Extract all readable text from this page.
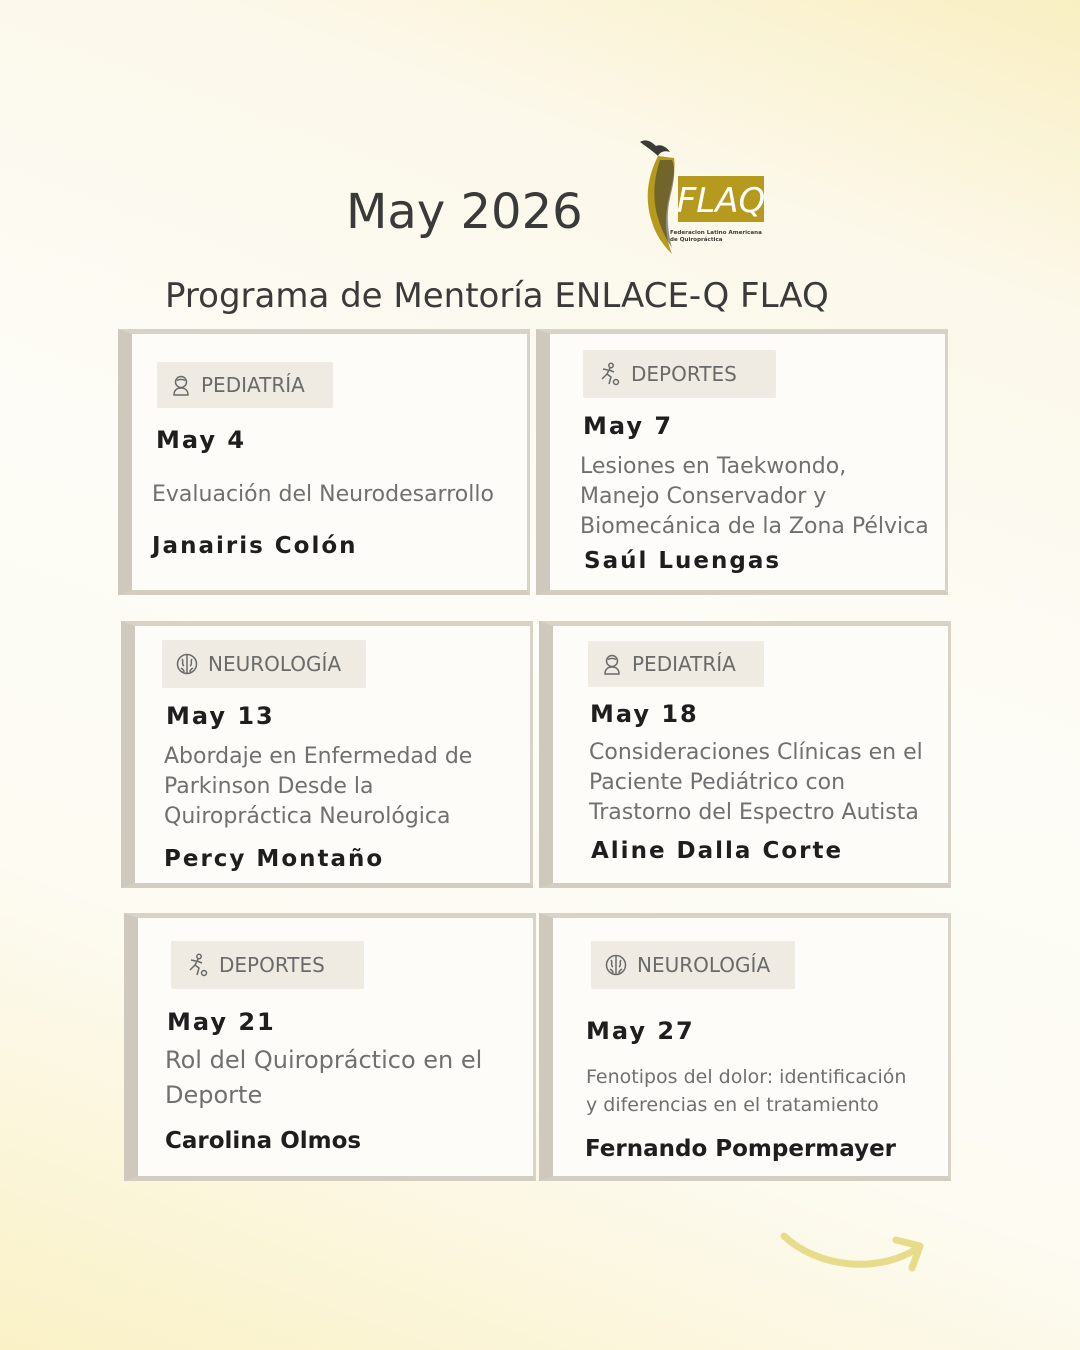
May 2026	FLAQ
Federacion Latino Americana
de Quiropráctica
Programa de Mentoría ENLACE-Q FLAQ
PEDIATRÍA
May 4
Evaluación del Neurodesarrollo
Janairis Colón
DEPORTES
May 7
Lesiones en Taekwondo,
Manejo Conservador y
Biomecánica de la Zona Pélvica
Saúl Luengas
NEUROLOGÍA
May 13
Abordaje en Enfermedad de
Parkinson Desde la
Quiropráctica Neurológica
Percy Montaño
PEDIATRÍA
May 18
Consideraciones Clínicas en el
Paciente Pediátrico con
Trastorno del Espectro Autista
Aline Dalla Corte
DEPORTES
May 21
Rol del Quiropráctico en el
Deporte
Carolina Olmos
NEUROLOGÍA
May 27
Fenotipos del dolor: identificación
y diferencias en el tratamiento
Fernando Pompermayer
